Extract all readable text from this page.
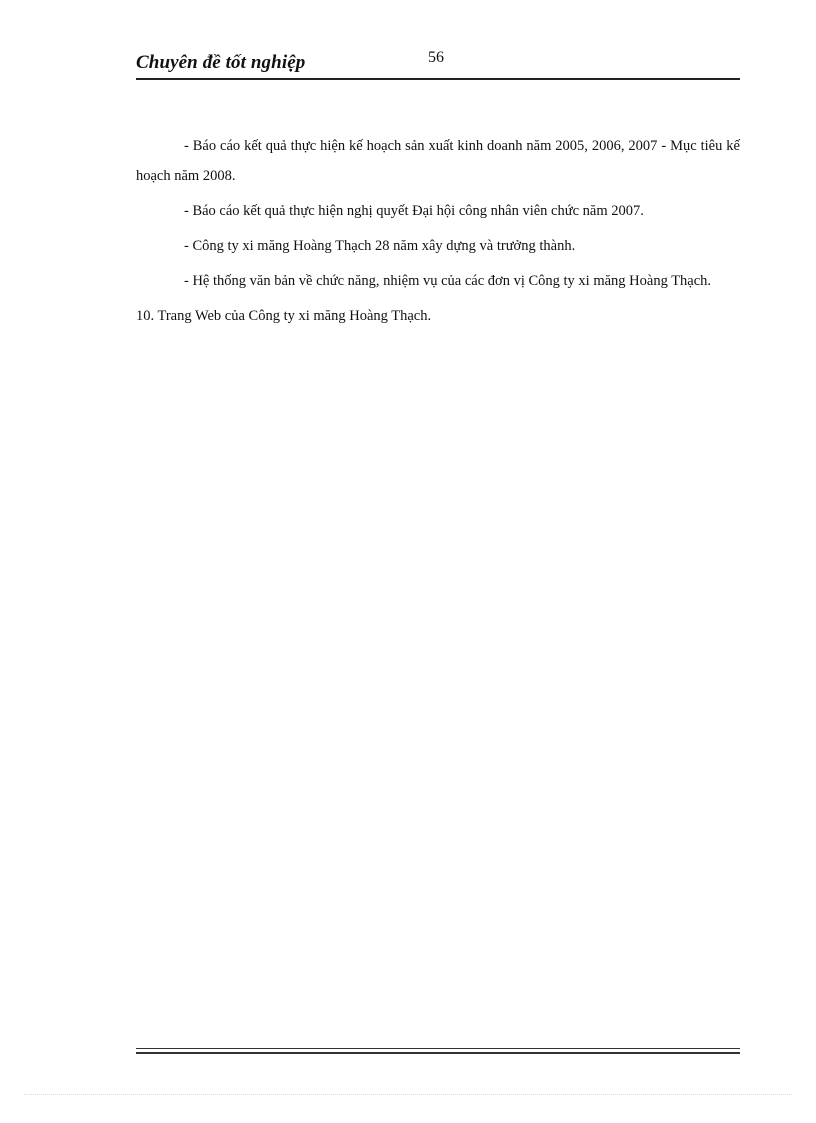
Chuyên đề tốt nghiệp	56

- Báo cáo kết quả thực hiện kế hoạch sản xuất kinh doanh năm 2005, 2006, 2007 - Mục tiêu kế hoạch năm 2008.

- Báo cáo kết quả thực hiện nghị quyết Đại hội công nhân viên chức năm 2007.

- Công ty xi măng Hoàng Thạch 28 năm xây dựng và trưởng thành.

- Hệ thống văn bản về chức năng, nhiệm vụ của các đơn vị Công ty xi măng Hoàng Thạch.

10. Trang Web của Công ty xi măng Hoàng Thạch.
